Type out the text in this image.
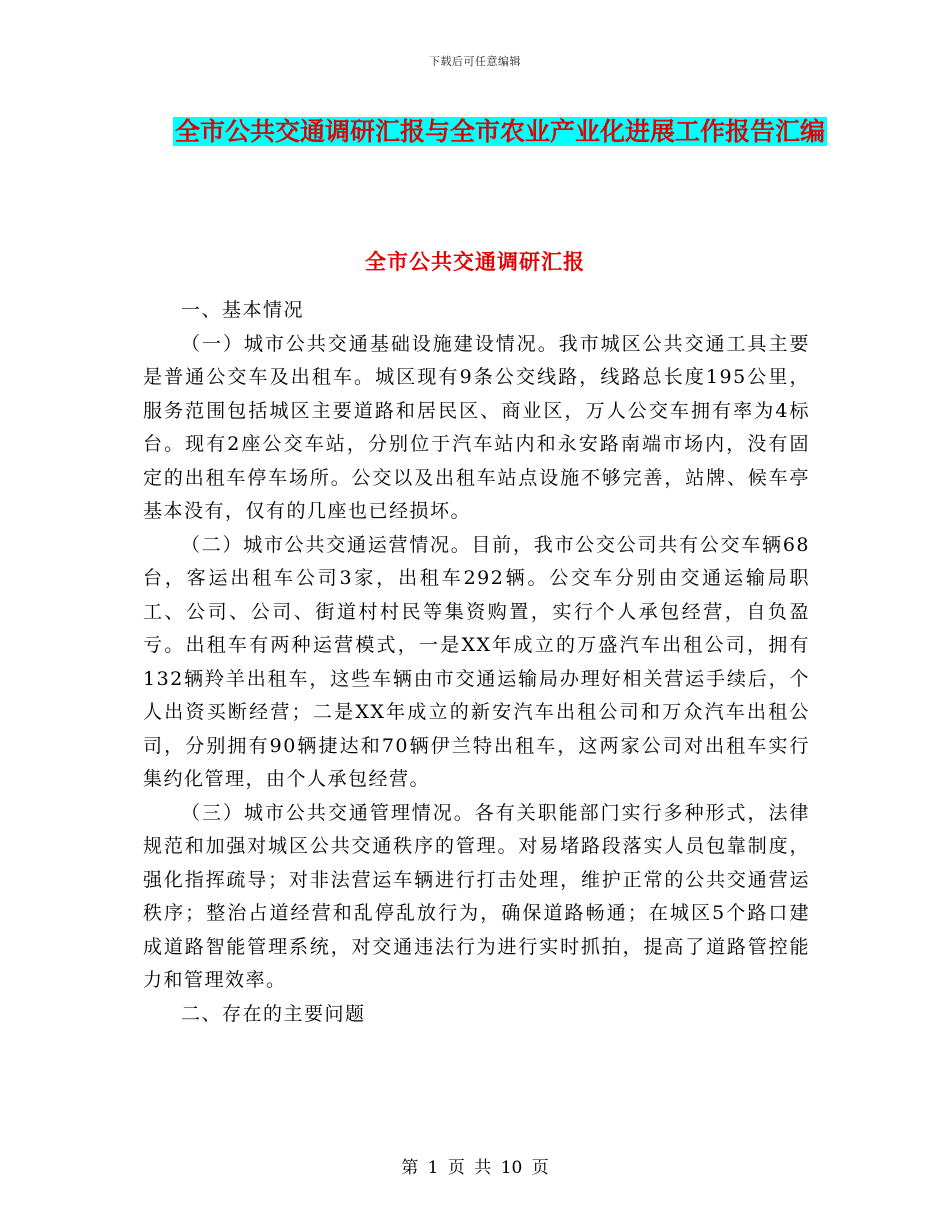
下载后可任意编辑
全市公共交通调研汇报与全市农业产业化进展工作报告汇编
全市公共交通调研汇报

一、基本情况

（一）城市公共交通基础设施建设情况。我市城区公共交通工具主要是普通公交车及出租车。城区现有9条公交线路，线路总长度195公里，服务范围包括城区主要道路和居民区、商业区，万人公交车拥有率为4标台。现有2座公交车站，分别位于汽车站内和永安路南端市场内，没有固定的出租车停车场所。公交以及出租车站点设施不够完善，站牌、候车亭基本没有，仅有的几座也已经损坏。

（二）城市公共交通运营情况。目前，我市公交公司共有公交车辆68台，客运出租车公司3家，出租车292辆。公交车分别由交通运输局职工、公司、公司、街道村村民等集资购置，实行个人承包经营，自负盈亏。出租车有两种运营模式，一是XX年成立的万盛汽车出租公司，拥有132辆羚羊出租车，这些车辆由市交通运输局办理好相关营运手续后，个人出资买断经营；二是XX年成立的新安汽车出租公司和万众汽车出租公司，分别拥有90辆捷达和70辆伊兰特出租车，这两家公司对出租车实行集约化管理，由个人承包经营。

（三）城市公共交通管理情况。各有关职能部门实行多种形式，法律规范和加强对城区公共交通秩序的管理。对易堵路段落实人员包靠制度，强化指挥疏导；对非法营运车辆进行打击处理，维护正常的公共交通营运秩序；整治占道经营和乱停乱放行为，确保道路畅通；在城区5个路口建成道路智能管理系统，对交通违法行为进行实时抓拍，提高了道路管控能力和管理效率。

二、存在的主要问题

第 1 页 共 10 页
